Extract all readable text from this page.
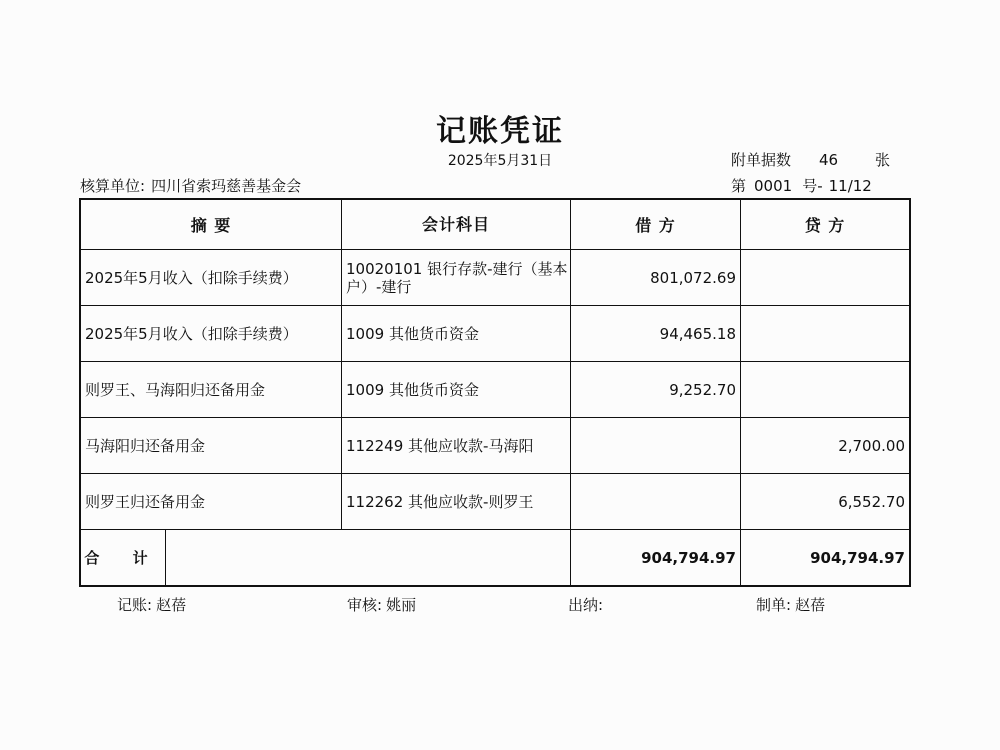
记账凭证
2025年5月31日	附单据数 46 张
核算单位: 四川省索玛慈善基金会	第 0001 号- 11/12
摘 要		会计科目	借 方	贷 方
2025年5月收入（扣除手续费）		10020101 银行存款-建行（基本户）-建行	801,072.69	
2025年5月收入（扣除手续费）		1009 其他货币资金	94,465.18	
则罗王、马海阳归还备用金		1009 其他货币资金	9,252.70	
马海阳归还备用金		112249 其他应收款-马海阳		2,700.00
则罗王归还备用金		112262 其他应收款-则罗王		6,552.70
合 计			904,794.97	904,794.97
记账: 赵蓓	审核: 姚丽	出纳:	制单: 赵蓓
